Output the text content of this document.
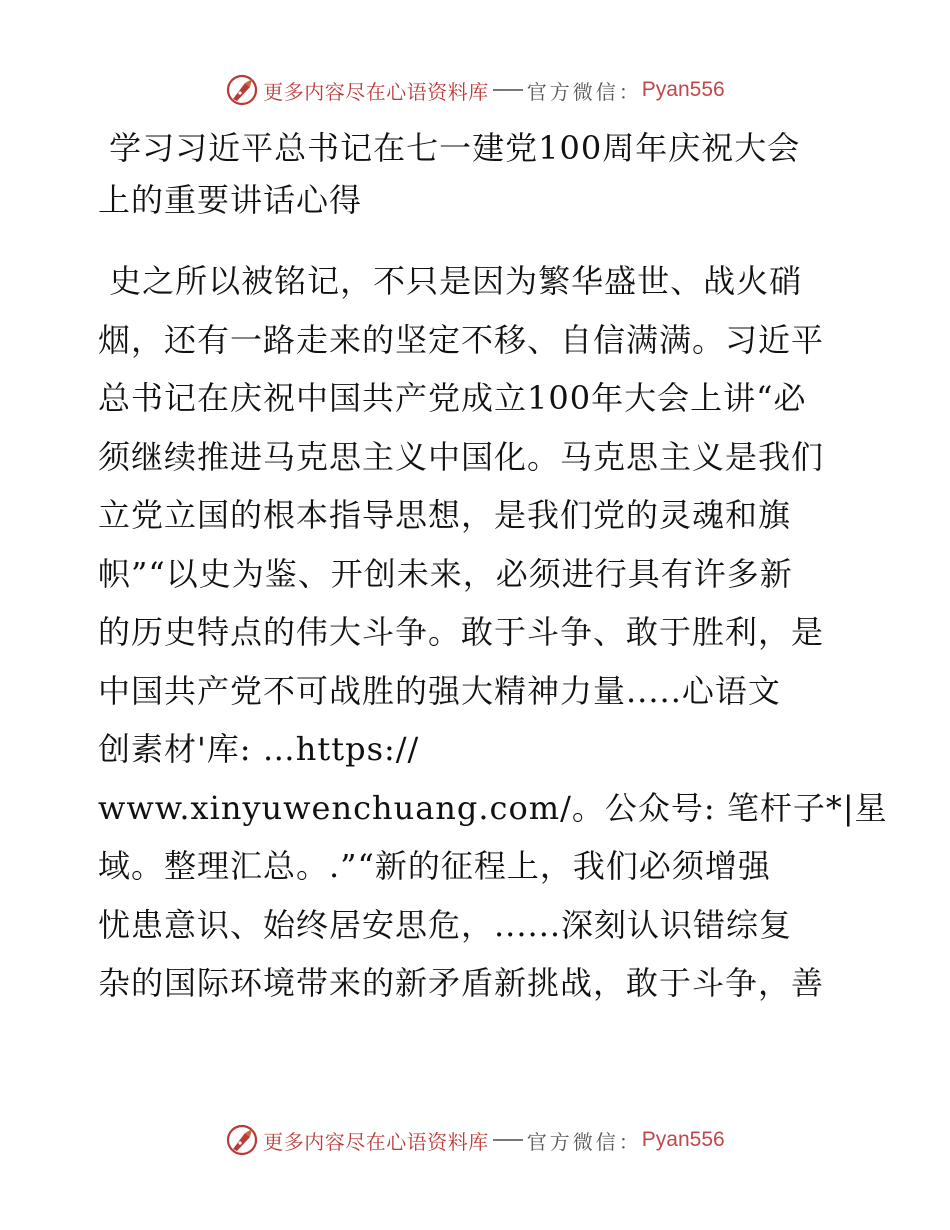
更多内容尽在心语资料库 官方微信： Pyan556
学习习近平总书记在七一建党100周年庆祝大会
上的重要讲话心得
史之所以被铭记，不只是因为繁华盛世、战火硝
烟，还有一路走来的坚定不移、自信满满。习近平
总书记在庆祝中国共产党成立100年大会上讲“必
须继续推进马克思主义中国化。马克思主义是我们
立党立国的根本指导思想，是我们党的灵魂和旗
帜”“以史为鉴、开创未来，必须进行具有许多新
的历史特点的伟大斗争。敢于斗争、敢于胜利，是
中国共产党不可战胜的强大精神力量.....心语文
创素材'库: …https://
www.xinyuwenchuang.com/。公众号: 笔杆子*|星
域。整理汇总。.”“新的征程上，我们必须增强
忧患意识、始终居安思危，......深刻认识错综复
杂的国际环境带来的新矛盾新挑战，敢于斗争，善
更多内容尽在心语资料库 官方微信： Pyan556
